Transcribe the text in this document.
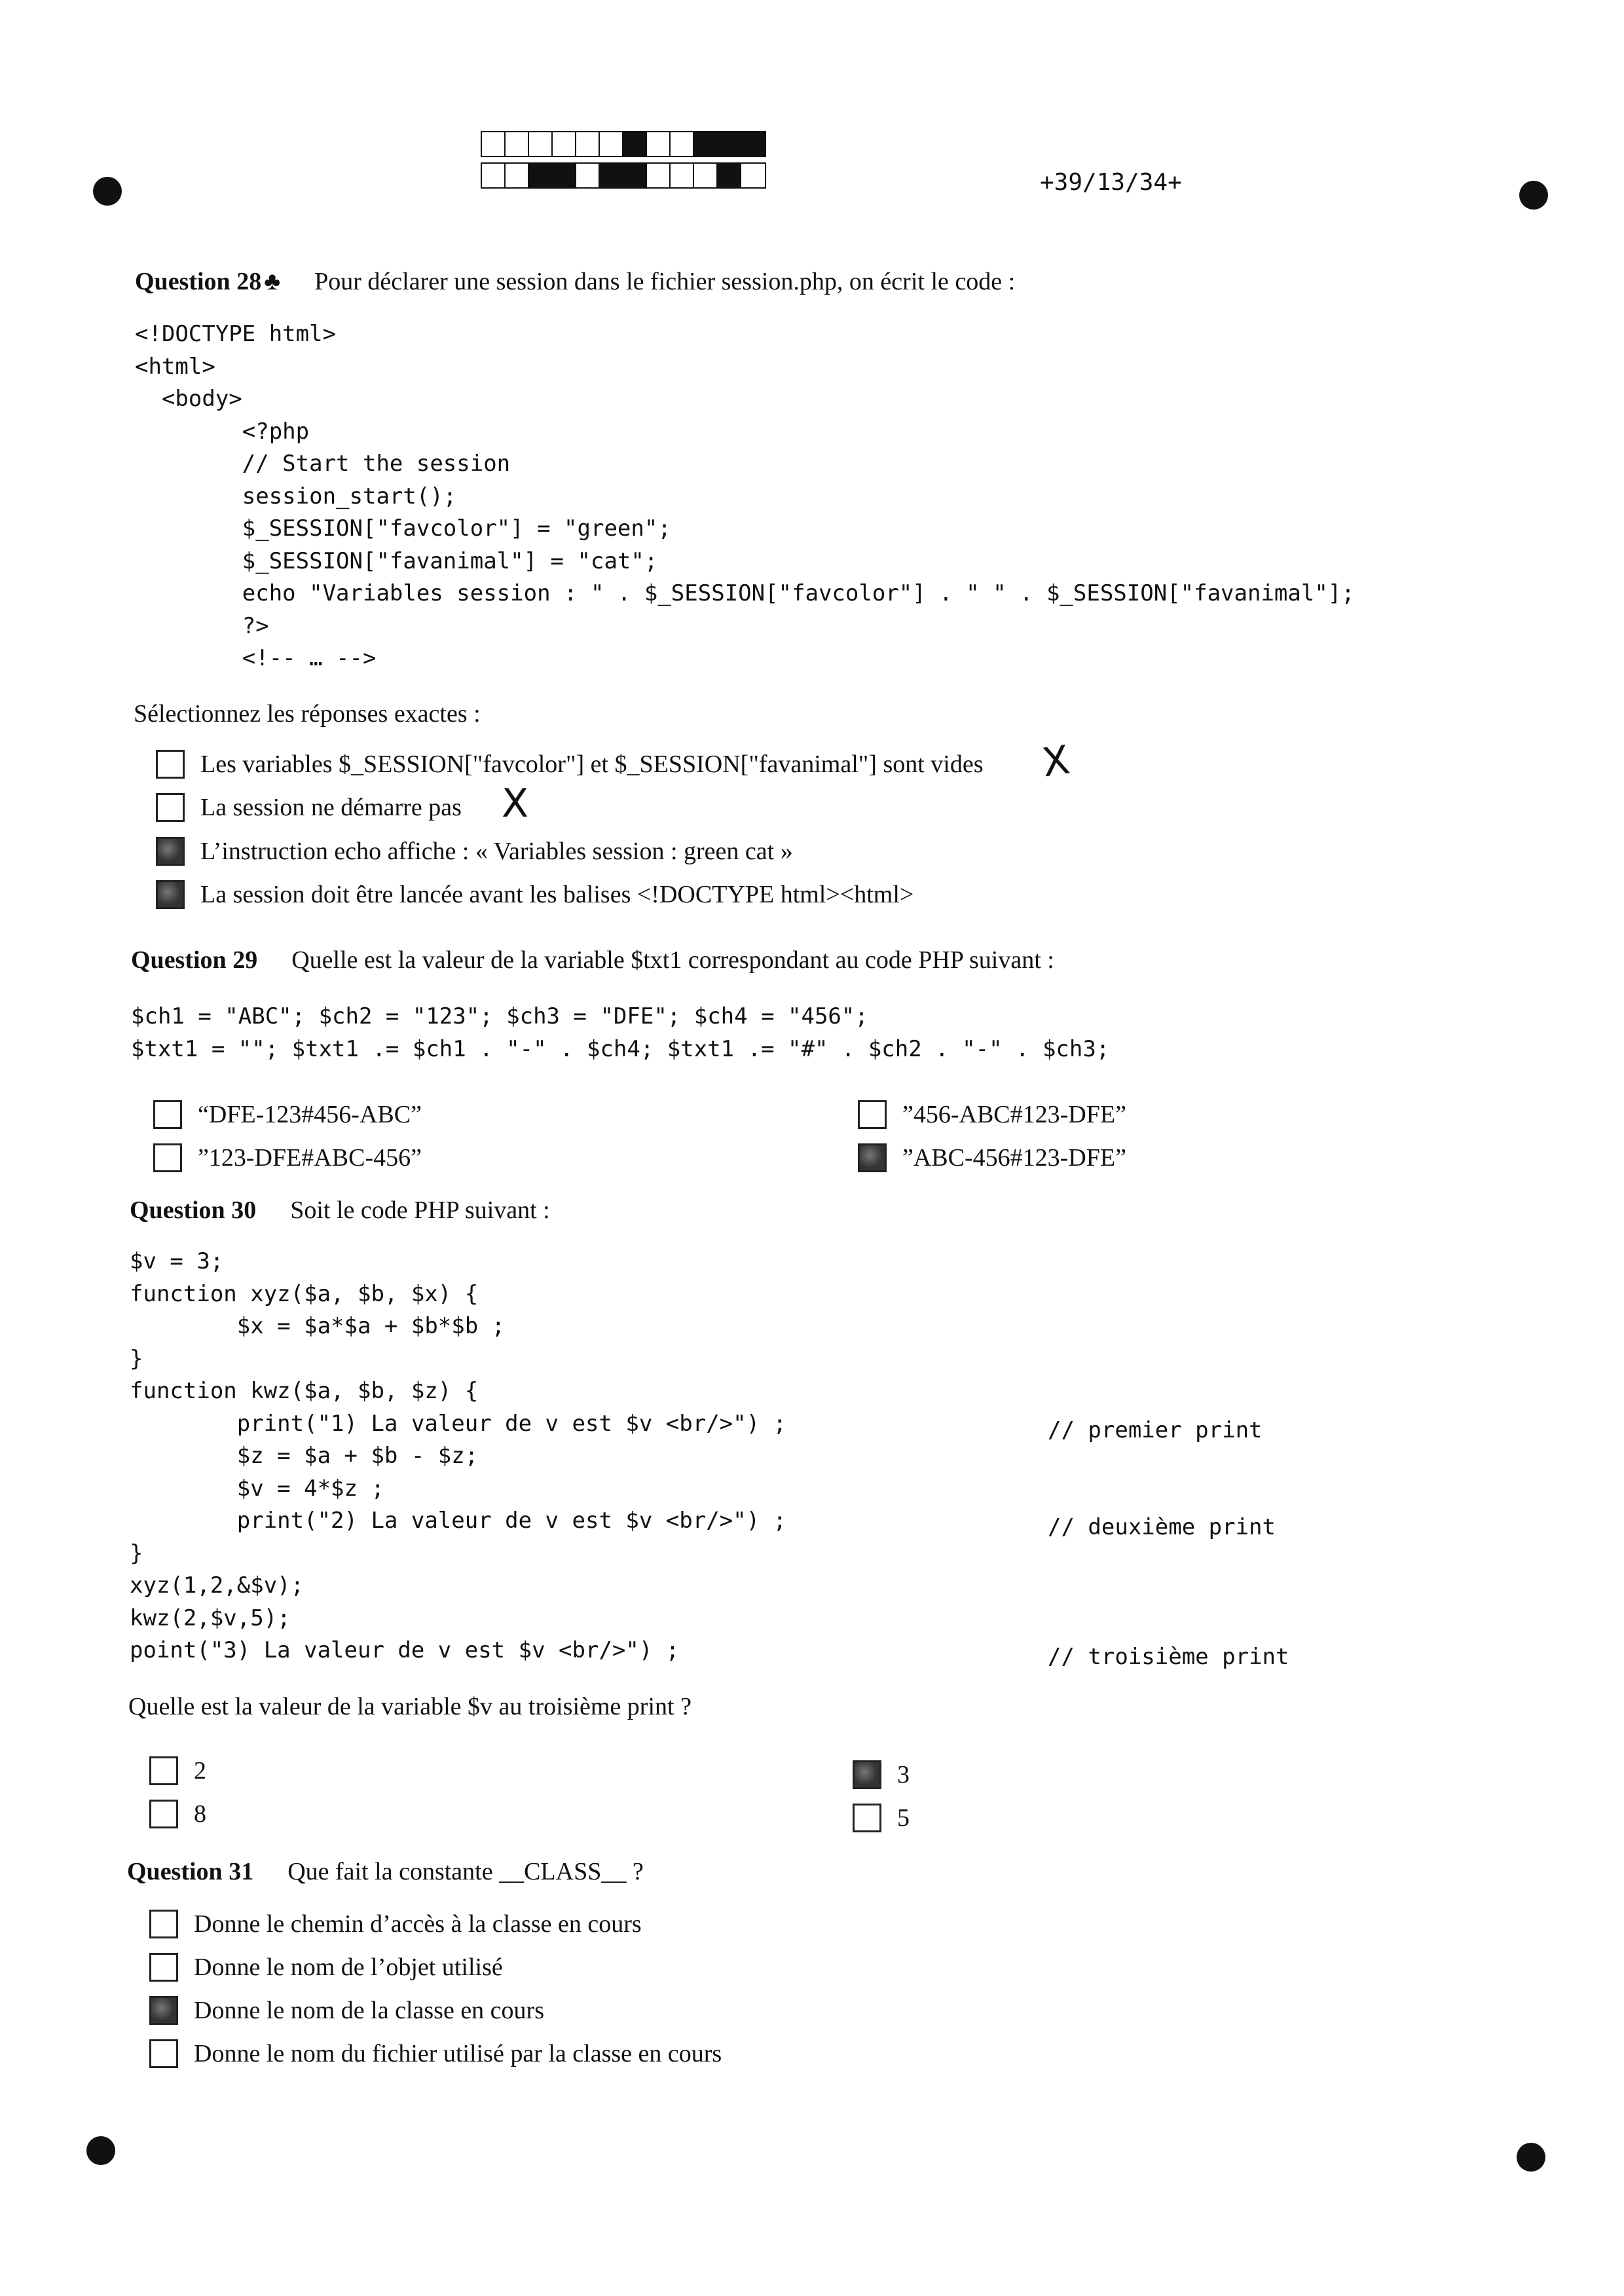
+39/13/34+
Question 28 ♣ Pour déclarer une session dans le fichier session.php, on écrit le code :
<!DOCTYPE html>
<html>
<body>
<?php
// Start the session
session_start();
$_SESSION["favcolor"] = "green";
$_SESSION["favanimal"] = "cat";
echo "Variables session : " . $_SESSION["favcolor"] . " " . $_SESSION["favanimal"];
?>
<!-- … -->
Sélectionnez les réponses exactes :
Les variables $_SESSION["favcolor"] et $_SESSION["favanimal"] sont vides
La session ne démarre pas
L’instruction echo affiche : « Variables session : green cat »
La session doit être lancée avant les balises <!DOCTYPE html><html>
X
X
Question 29 Quelle est la valeur de la variable $txt1 correspondant au code PHP suivant :
$ch1 = "ABC"; $ch2 = "123"; $ch3 = "DFE"; $ch4 = "456";
$txt1 = ""; $txt1 .= $ch1 . "-" . $ch4; $txt1 .= "#" . $ch2 . "-" . $ch3;
“DFE-123#456-ABC”
”123-DFE#ABC-456”
”456-ABC#123-DFE”
”ABC-456#123-DFE”
Question 30 Soit le code PHP suivant :
$v = 3;
function xyz($a, $b, $x) {
$x = $a*$a + $b*$b ;
}
function kwz($a, $b, $z) {
print("1) La valeur de v est $v <br/>") ;
$z = $a + $b - $z;
$v = 4*$z ;
print("2) La valeur de v est $v <br/>") ;
}
xyz(1,2,&$v);
kwz(2,$v,5);
point("3) La valeur de v est $v <br/>") ;
// premier print
// deuxième print
// troisième print
Quelle est la valeur de la variable $v au troisième print ?
2
8
3
5
Question 31 Que fait la constante __CLASS__ ?
Donne le chemin d’accès à la classe en cours
Donne le nom de l’objet utilisé
Donne le nom de la classe en cours
Donne le nom du fichier utilisé par la classe en cours
